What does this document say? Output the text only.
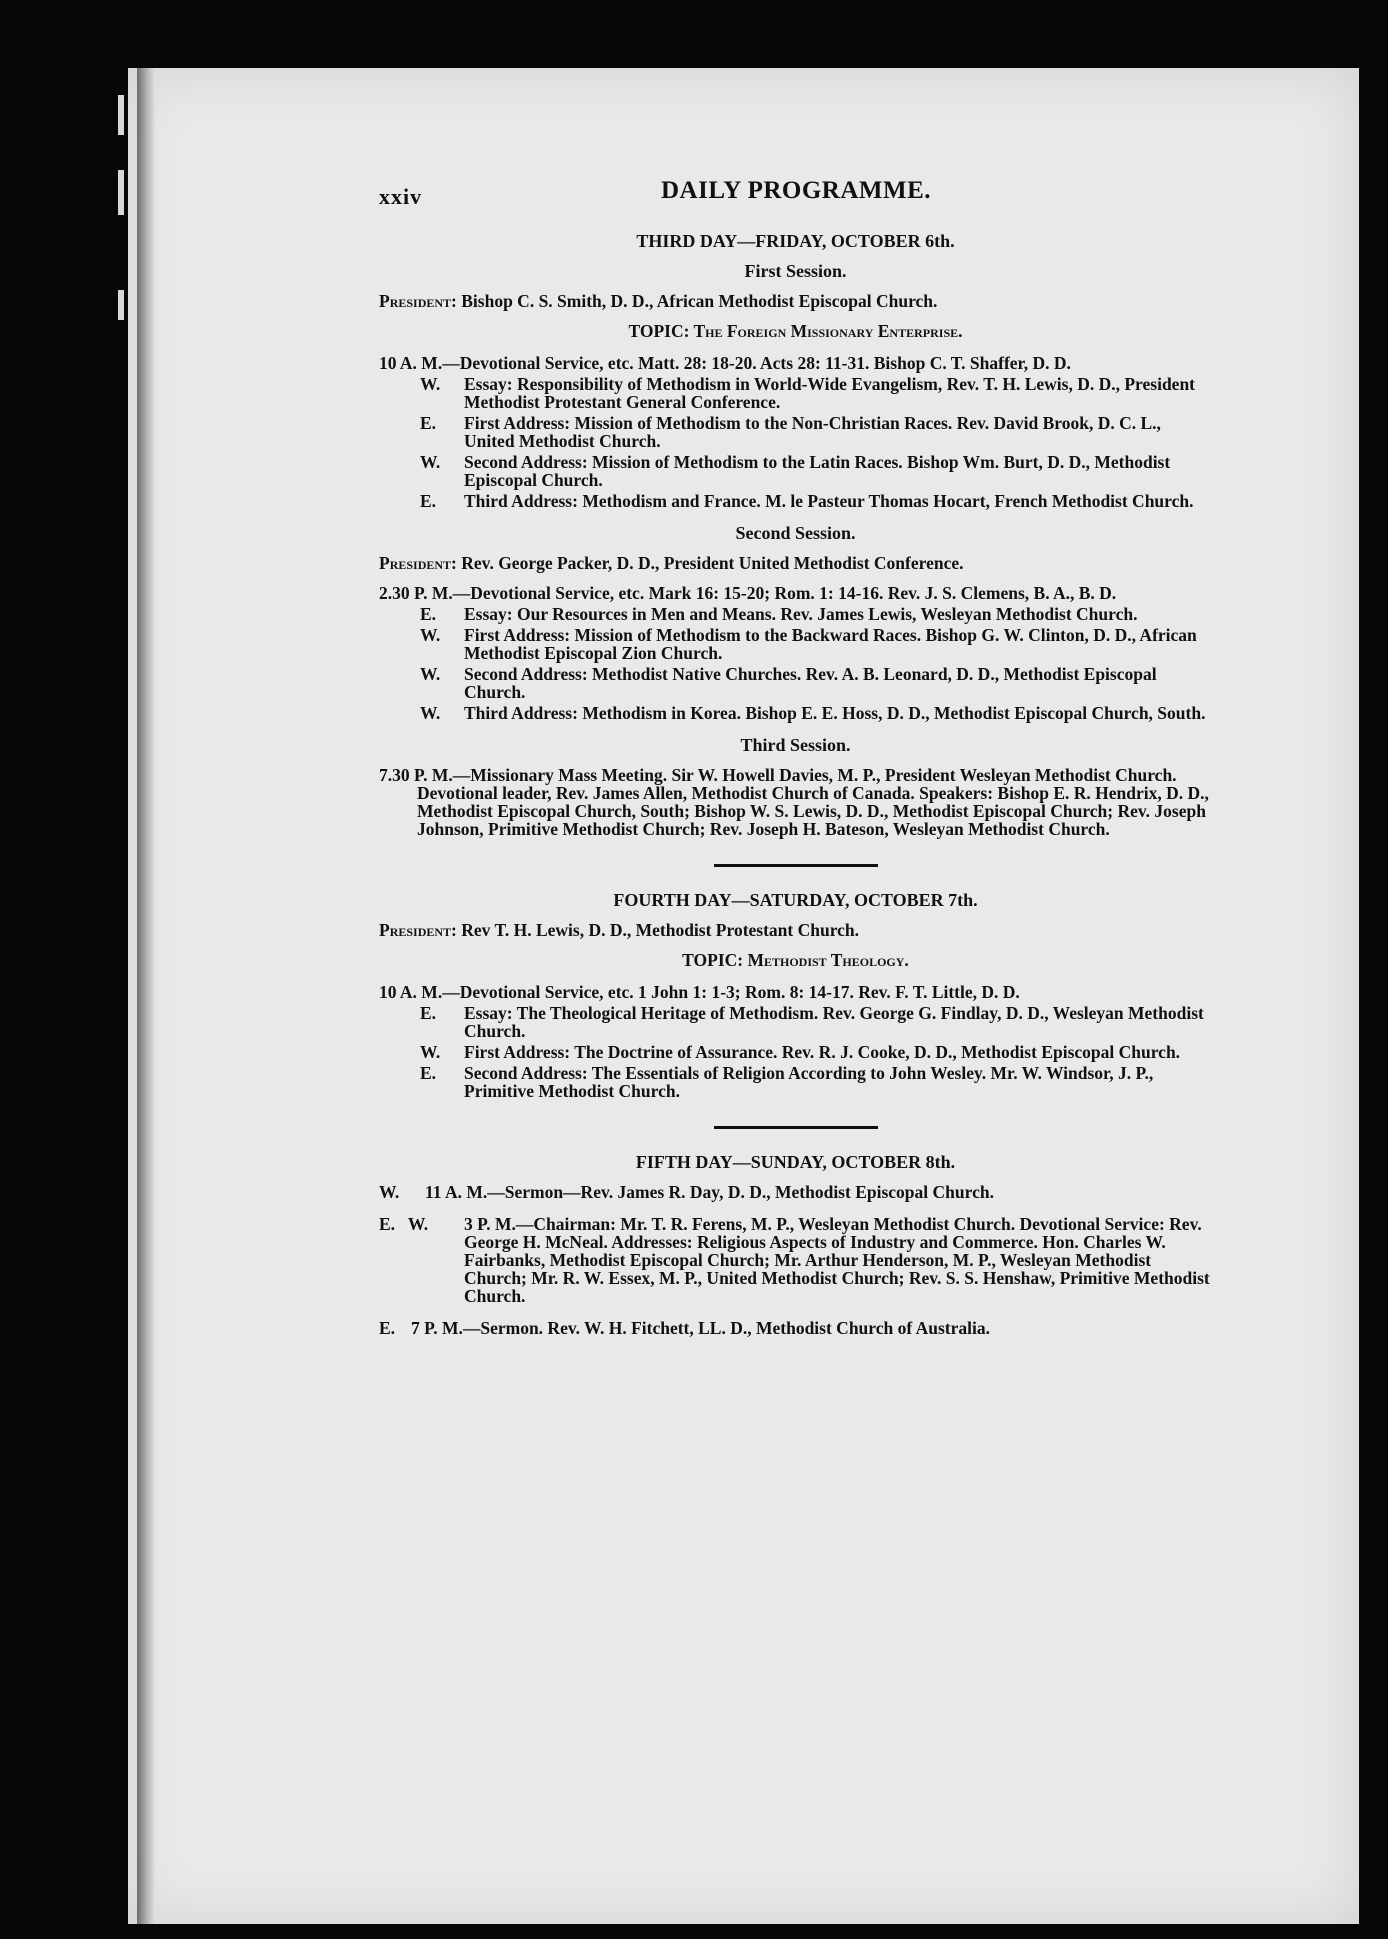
xxiv	DAILY PROGRAMME.
THIRD DAY—FRIDAY, OCTOBER 6th.
First Session.
President: Bishop C. S. Smith, D. D., African Methodist Episcopal Church.
TOPIC: The Foreign Missionary Enterprise.
10 A. M.—Devotional Service, etc. Matt. 28: 18-20. Acts 28: 11-31. Bishop C. T. Shaffer, D. D.
W. Essay: Responsibility of Methodism in World-Wide Evangelism, Rev. T. H. Lewis, D. D., President Methodist Protestant General Conference.
E. First Address: Mission of Methodism to the Non-Christian Races. Rev. David Brook, D. C. L., United Methodist Church.
W. Second Address: Mission of Methodism to the Latin Races. Bishop Wm. Burt, D. D., Methodist Episcopal Church.
E. Third Address: Methodism and France. M. le Pasteur Thomas Hocart, French Methodist Church.
Second Session.
President: Rev. George Packer, D. D., President United Methodist Conference.
2.30 P. M.—Devotional Service, etc. Mark 16: 15-20; Rom. 1: 14-16. Rev. J. S. Clemens, B. A., B. D.
E. Essay: Our Resources in Men and Means. Rev. James Lewis, Wesleyan Methodist Church.
W. First Address: Mission of Methodism to the Backward Races. Bishop G. W. Clinton, D. D., African Methodist Episcopal Zion Church.
W. Second Address: Methodist Native Churches. Rev. A. B. Leonard, D. D., Methodist Episcopal Church.
W. Third Address: Methodism in Korea. Bishop E. E. Hoss, D. D., Methodist Episcopal Church, South.
Third Session.
7.30 P. M.—Missionary Mass Meeting. Sir W. Howell Davies, M. P., President Wesleyan Methodist Church. Devotional leader, Rev. James Allen, Methodist Church of Canada. Speakers: Bishop E. R. Hendrix, D. D., Methodist Episcopal Church, South; Bishop W. S. Lewis, D. D., Methodist Episcopal Church; Rev. Joseph Johnson, Primitive Methodist Church; Rev. Joseph H. Bateson, Wesleyan Methodist Church.
FOURTH DAY—SATURDAY, OCTOBER 7th.
President: Rev T. H. Lewis, D. D., Methodist Protestant Church.
TOPIC: Methodist Theology.
10 A. M.—Devotional Service, etc. 1 John 1: 1-3; Rom. 8: 14-17. Rev. F. T. Little, D. D.
E. Essay: The Theological Heritage of Methodism. Rev. George G. Findlay, D. D., Wesleyan Methodist Church.
W. First Address: The Doctrine of Assurance. Rev. R. J. Cooke, D. D., Methodist Episcopal Church.
E. Second Address: The Essentials of Religion According to John Wesley. Mr. W. Windsor, J. P., Primitive Methodist Church.
FIFTH DAY—SUNDAY, OCTOBER 8th.
W. 11 A. M.—Sermon—Rev. James R. Day, D. D., Methodist Episcopal Church.
E.   W. 3 P. M.—Chairman: Mr. T. R. Ferens, M. P., Wesleyan Methodist Church. Devotional Service: Rev. George H. McNeal. Addresses: Religious Aspects of Industry and Commerce. Hon. Charles W. Fairbanks, Methodist Episcopal Church; Mr. Arthur Henderson, M. P., Wesleyan Methodist Church; Mr. R. W. Essex, M. P., United Methodist Church; Rev. S. S. Henshaw, Primitive Methodist Church.
E. 7 P. M.—Sermon. Rev. W. H. Fitchett, LL. D., Methodist Church of Australia.
